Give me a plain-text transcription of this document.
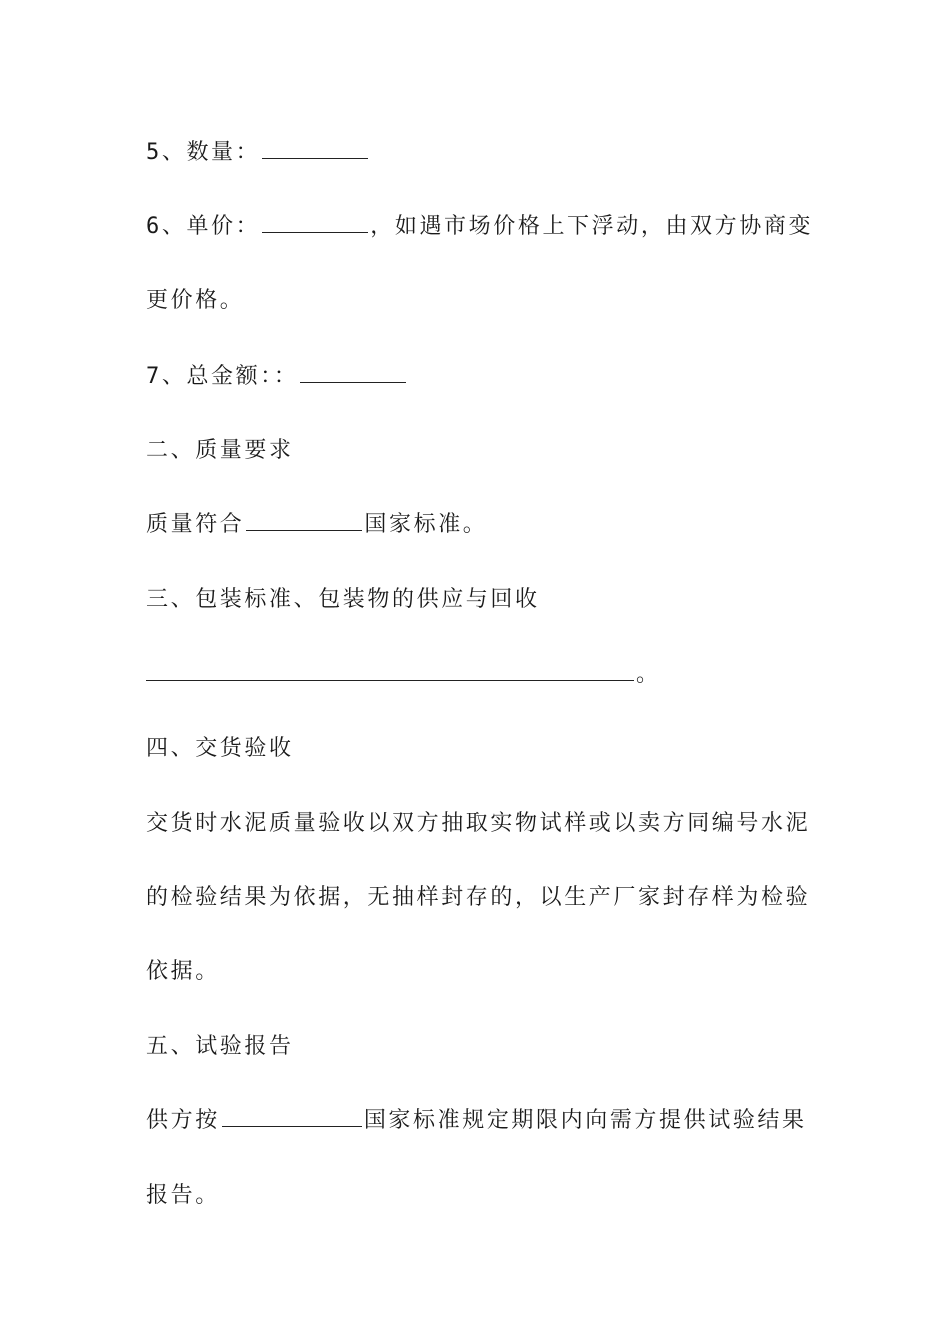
5、数量：
6、单价：	，如遇市场价格上下浮动，由双方协商变
更价格。
7、总金额：：
二、质量要求
质量符合	国家标准。
三、包装标准、包装物的供应与回收
。
四、交货验收
交货时水泥质量验收以双方抽取实物试样或以卖方同编号水泥
的检验结果为依据，无抽样封存的，以生产厂家封存样为检验
依据。
五、试验报告
供方按	国家标准规定期限内向需方提供试验结果
报告。
